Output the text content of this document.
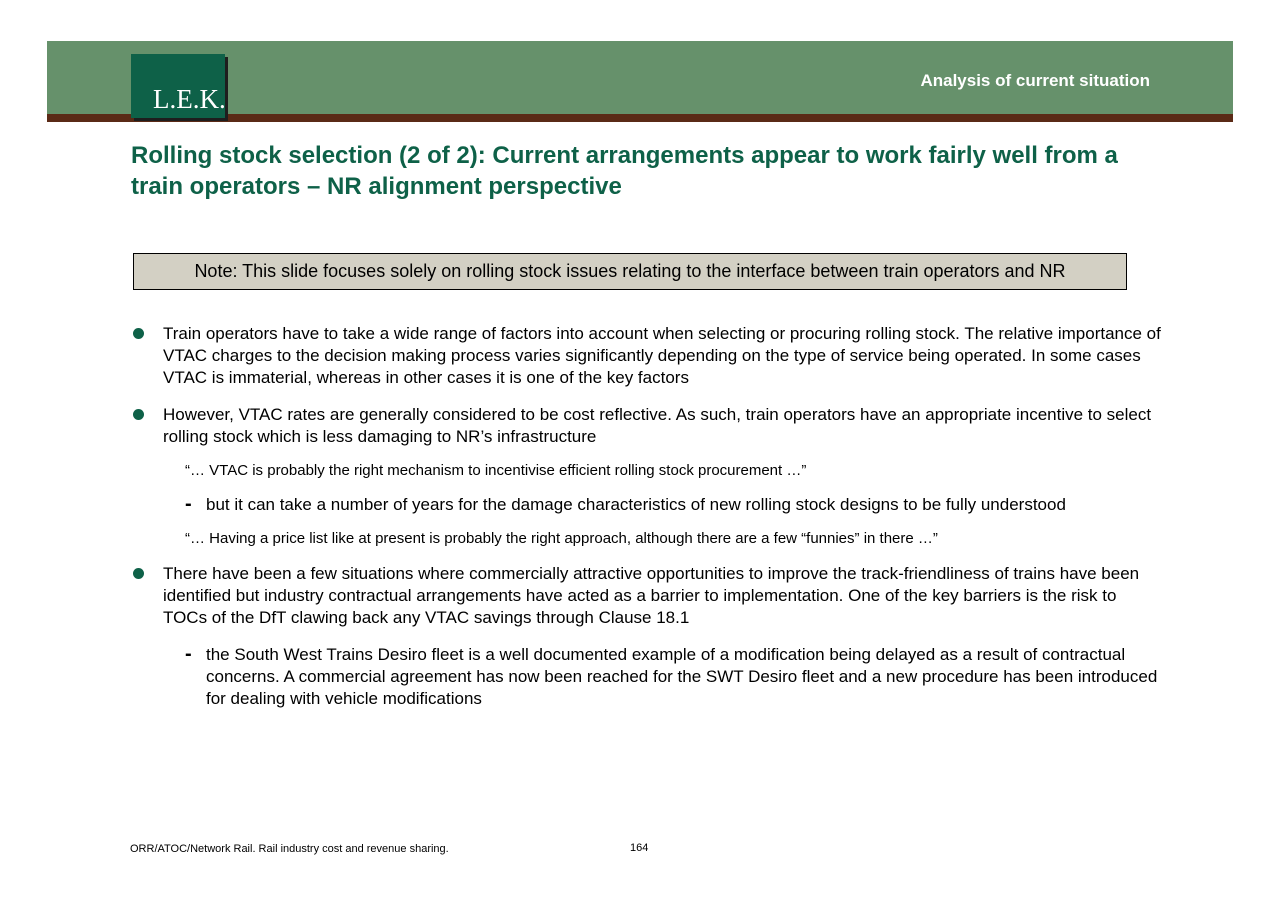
L.E.K.
Analysis of current situation
Rolling stock selection (2 of 2): Current arrangements appear to work fairly well from a train operators – NR alignment perspective
Note: This slide focuses solely on rolling stock issues relating to the interface between train operators and NR
Train operators have to take a wide range of factors into account when selecting or procuring rolling stock. The relative importance of VTAC charges to the decision making process varies significantly depending on the type of service being operated. In some cases VTAC is immaterial, whereas in other cases it is one of the key factors
However, VTAC rates are generally considered to be cost reflective. As such, train operators have an appropriate incentive to select rolling stock which is less damaging to NR’s infrastructure
“… VTAC is probably the right mechanism to incentivise efficient rolling stock procurement …”
- but it can take a number of years for the damage characteristics of new rolling stock designs to be fully understood
“… Having a price list like at present is probably the right approach, although there are a few “funnies” in there …”
There have been a few situations where commercially attractive opportunities to improve the track-friendliness of trains have been identified but industry contractual arrangements have acted as a barrier to implementation. One of the key barriers is the risk to TOCs of the DfT clawing back any VTAC savings through Clause 18.1
- the South West Trains Desiro fleet is a well documented example of a modification being delayed as a result of contractual concerns. A commercial agreement has now been reached for the SWT Desiro fleet and a new procedure has been introduced for dealing with vehicle modifications
ORR/ATOC/Network Rail. Rail industry cost and revenue sharing.	164
